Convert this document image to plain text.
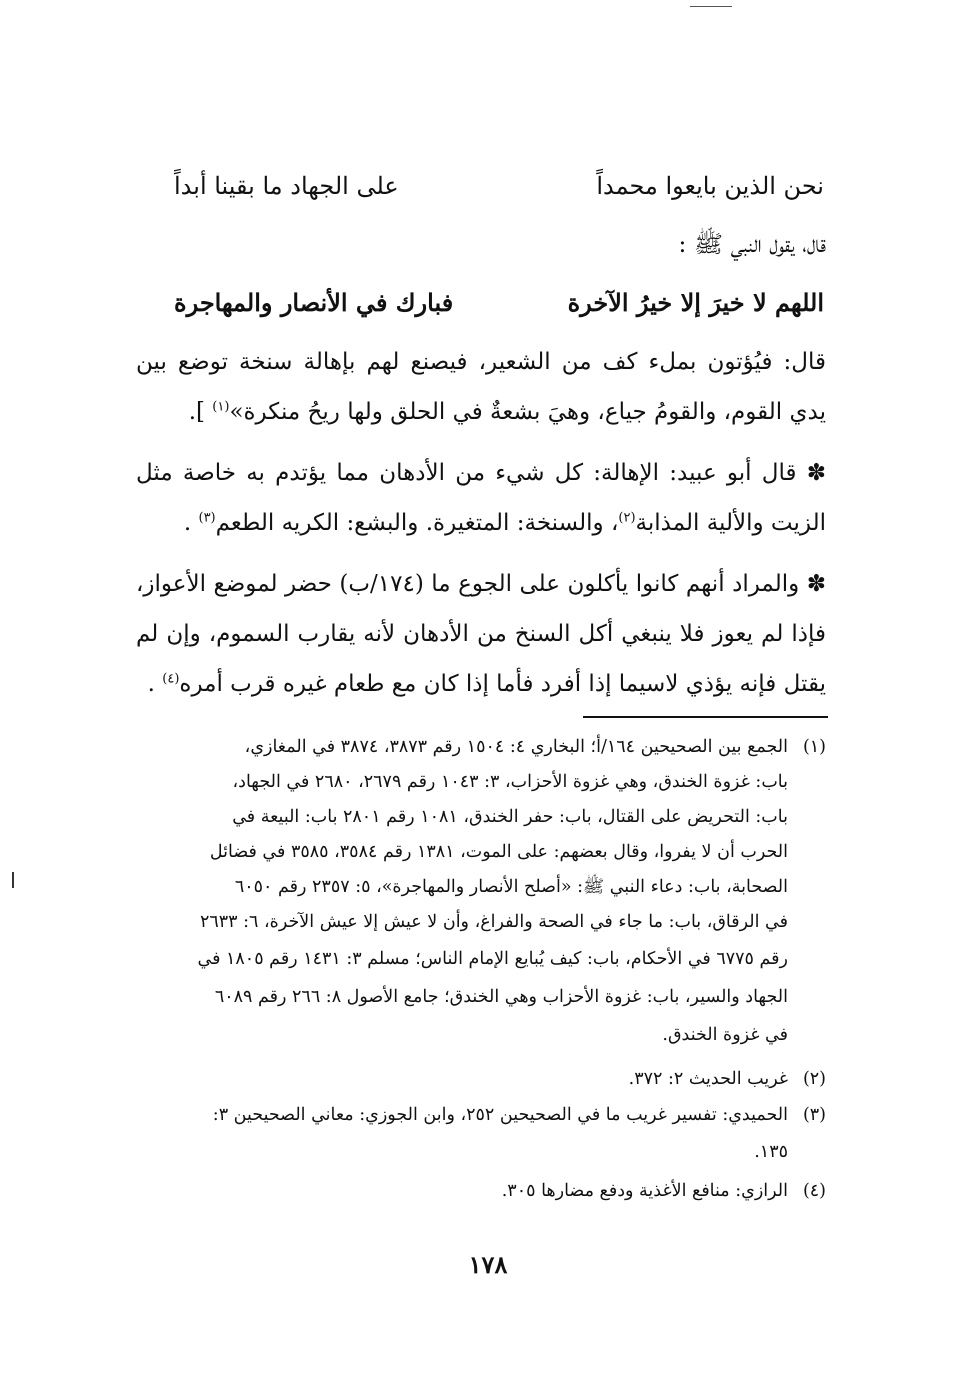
نحن الذين بايعوا محمداً
على الجهاد ما بقينا أبداً
قال، يقول النبي ﷺ :
اللهم لا خيرَ إلا خيرُ الآخرة
فبارك في الأنصار والمهاجرة
قال: فيُؤتون بملء كف من الشعير، فيصنع لهم بإهالة سنخة توضع بين
يدي القوم، والقومُ جياع، وهيَ بشعةٌ في الحلق ولها ريحُ منكرة»$^{(١)}$ ].
✽ قال أبو عبيد: الإهالة: كل شيء من الأدهان مما يؤتدم به خاصة مثل
الزيت والألية المذابة$^{(٢)}$، والسنخة: المتغيرة. والبشع: الكريه الطعم$^{(٣)}$ .
✽ والمراد أنهم كانوا يأكلون على الجوع ما (١٧٤/ب) حضر لموضع الأعواز،
فإذا لم يعوز فلا ينبغي أكل السنخ من الأدهان لأنه يقارب السموم، وإن لم
يقتل فإنه يؤذي لاسيما إذا أفرد فأما إذا كان مع طعام غيره قرب أمره$^{(٤)}$ .
(١)الجمع بين الصحيحين ١٦٤/أ؛ البخاري ٤: ١٥٠٤ رقم ٣٨٧٣، ٣٨٧٤ في المغازي،
باب: غزوة الخندق، وهي غزوة الأحزاب، ٣: ١٠٤٣ رقم ٢٦٧٩، ٢٦٨٠ في الجهاد،
باب: التحريض على القتال، باب: حفر الخندق، ١٠٨١ رقم ٢٨٠١ باب: البيعة في
الحرب أن لا يفروا، وقال بعضهم: على الموت، ١٣٨١ رقم ٣٥٨٤، ٣٥٨٥ في فضائل
الصحابة، باب: دعاء النبي ﷺ: «أصلح الأنصار والمهاجرة»، ٥: ٢٣٥٧ رقم ٦٠٥٠
في الرقاق، باب: ما جاء في الصحة والفراغ، وأن لا عيش إلا عيش الآخرة، ٦: ٢٦٣٣
رقم ٦٧٧٥ في الأحكام، باب: كيف يُبايع الإمام الناس؛ مسلم ٣: ١٤٣١ رقم ١٨٠٥ في
الجهاد والسير، باب: غزوة الأحزاب وهي الخندق؛ جامع الأصول ٨: ٢٦٦ رقم ٦٠٨٩
في غزوة الخندق.
(٢)غريب الحديث ٢: ٣٧٢.
(٣)الحميدي: تفسير غريب ما في الصحيحين ٢٥٢، وابن الجوزي: معاني الصحيحين ٣:
١٣٥.
(٤)الرازي: منافع الأغذية ودفع مضارها ٣٠٥.
١٧٨
